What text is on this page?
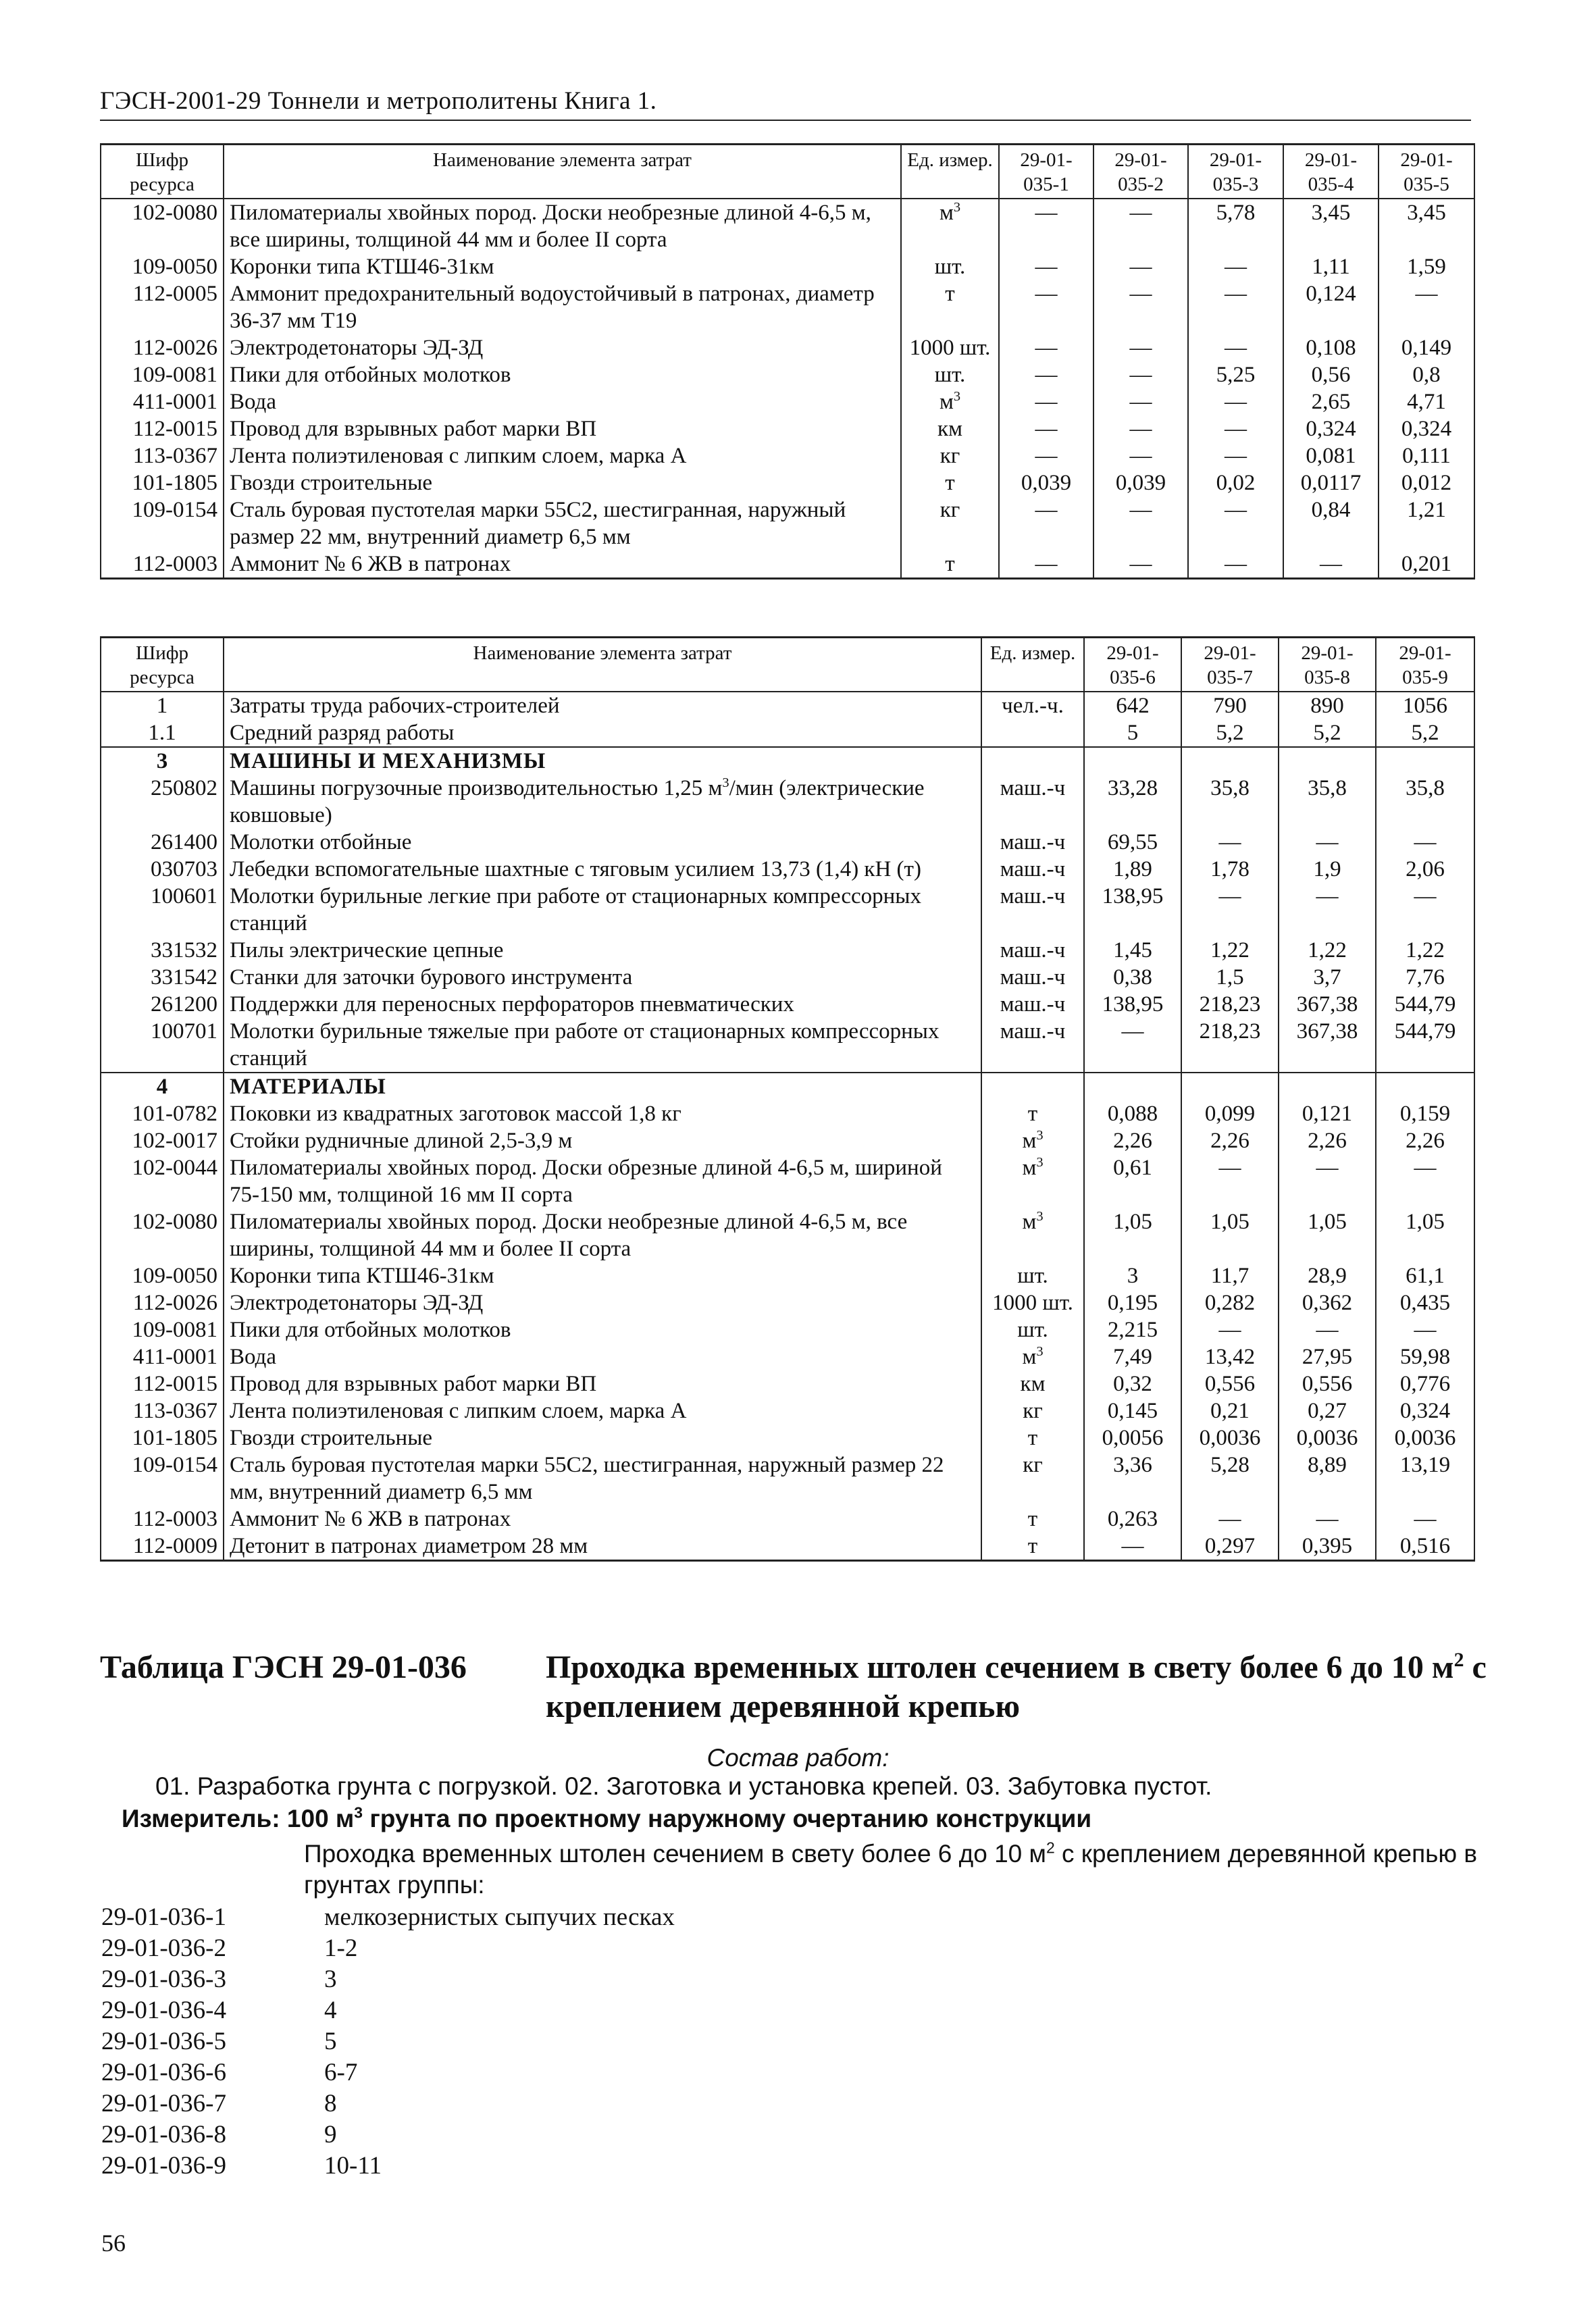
ГЭСН-2001-29 Тоннели и метрополитены Книга 1.
Шифр ресурса	Наименование элемента затрат	Ед. измер.	29-01-035-1	29-01-035-2	29-01-035-3	29-01-035-4	29-01-035-5
102-0080	Пиломатериалы хвойных пород. Доски необрезные длиной 4-6,5 м, все ширины, толщиной 44 мм и более II сорта	$м^3$	—	—	5,78	3,45	3,45
109-0050	Коронки типа КТШ46-31км	шт.	—	—	—	1,11	1,59
112-0005	Аммонит предохранительный водоустойчивый в патронах, диаметр 36-37 мм Т19	т	—	—	—	0,124	—
112-0026	Электродетонаторы ЭД-ЗД	1000 шт.	—	—	—	0,108	0,149
109-0081	Пики для отбойных молотков	шт.	—	—	5,25	0,56	0,8
411-0001	Вода	$м^3$	—	—	—	2,65	4,71
112-0015	Провод для взрывных работ марки ВП	км	—	—	—	0,324	0,324
113-0367	Лента полиэтиленовая с липким слоем, марка А	кг	—	—	—	0,081	0,111
101-1805	Гвозди строительные	т	0,039	0,039	0,02	0,0117	0,012
109-0154	Сталь буровая пустотелая марки 55С2, шестигранная, наружный размер 22 мм, внутренний диаметр 6,5 мм	кг	—	—	—	0,84	1,21
112-0003	Аммонит № 6 ЖВ в патронах	т	—	—	—	—	0,201
Шифр ресурса	Наименование элемента затрат	Ед. измер.	29-01-035-6	29-01-035-7	29-01-035-8	29-01-035-9
1	Затраты труда рабочих-строителей	чел.-ч.	642	790	890	1056
1.1	Средний разряд работы		5	5,2	5,2	5,2
3	МАШИНЫ И МЕХАНИЗМЫ					
250802	Машины погрузочные производительностью 1,25 $м^3$/мин (электрические ковшовые)	маш.-ч	33,28	35,8	35,8	35,8
261400	Молотки отбойные	маш.-ч	69,55	—	—	—
030703	Лебедки вспомогательные шахтные с тяговым усилием 13,73 (1,4) кН (т)	маш.-ч	1,89	1,78	1,9	2,06
100601	Молотки бурильные легкие при работе от стационарных компрессорных станций	маш.-ч	138,95	—	—	—
331532	Пилы электрические цепные	маш.-ч	1,45	1,22	1,22	1,22
331542	Станки для заточки бурового инструмента	маш.-ч	0,38	1,5	3,7	7,76
261200	Поддержки для переносных перфораторов пневматических	маш.-ч	138,95	218,23	367,38	544,79
100701	Молотки бурильные тяжелые при работе от стационарных компрессорных станций	маш.-ч	—	218,23	367,38	544,79
4	МАТЕРИАЛЫ					
101-0782	Поковки из квадратных заготовок массой 1,8 кг	т	0,088	0,099	0,121	0,159
102-0017	Стойки рудничные длиной 2,5-3,9 м	$м^3$	2,26	2,26	2,26	2,26
102-0044	Пиломатериалы хвойных пород. Доски обрезные длиной 4-6,5 м, шириной 75-150 мм, толщиной 16 мм II сорта	$м^3$	0,61	—	—	—
102-0080	Пиломатериалы хвойных пород. Доски необрезные длиной 4-6,5 м, все ширины, толщиной 44 мм и более II сорта	$м^3$	1,05	1,05	1,05	1,05
109-0050	Коронки типа КТШ46-31км	шт.	3	11,7	28,9	61,1
112-0026	Электродетонаторы ЭД-ЗД	1000 шт.	0,195	0,282	0,362	0,435
109-0081	Пики для отбойных молотков	шт.	2,215	—	—	—
411-0001	Вода	$м^3$	7,49	13,42	27,95	59,98
112-0015	Провод для взрывных работ марки ВП	км	0,32	0,556	0,556	0,776
113-0367	Лента полиэтиленовая с липким слоем, марка А	кг	0,145	0,21	0,27	0,324
101-1805	Гвозди строительные	т	0,0056	0,0036	0,0036	0,0036
109-0154	Сталь буровая пустотелая марки 55С2, шестигранная, наружный размер 22 мм, внутренний диаметр 6,5 мм	кг	3,36	5,28	8,89	13,19
112-0003	Аммонит № 6 ЖВ в патронах	т	0,263	—	—	—
112-0009	Детонит в патронах диаметром 28 мм	т	—	0,297	0,395	0,516
Таблица ГЭСН 29-01-036 Проходка временных штолен сечением в свету более 6 до 10 $м^2$ с креплением деревянной крепью
Состав работ:
01. Разработка грунта с погрузкой. 02. Заготовка и установка крепей. 03. Забутовка пустот.
Измеритель: 100 $м^3$ грунта по проектному наружному очертанию конструкции
Проходка временных штолен сечением в свету более 6 до 10 $м^2$ с креплением деревянной крепью в грунтах группы:
29-01-036-1	мелкозернистых сыпучих песках
29-01-036-2	1-2
29-01-036-3	3
29-01-036-4	4
29-01-036-5	5
29-01-036-6	6-7
29-01-036-7	8
29-01-036-8	9
29-01-036-9	10-11
56
